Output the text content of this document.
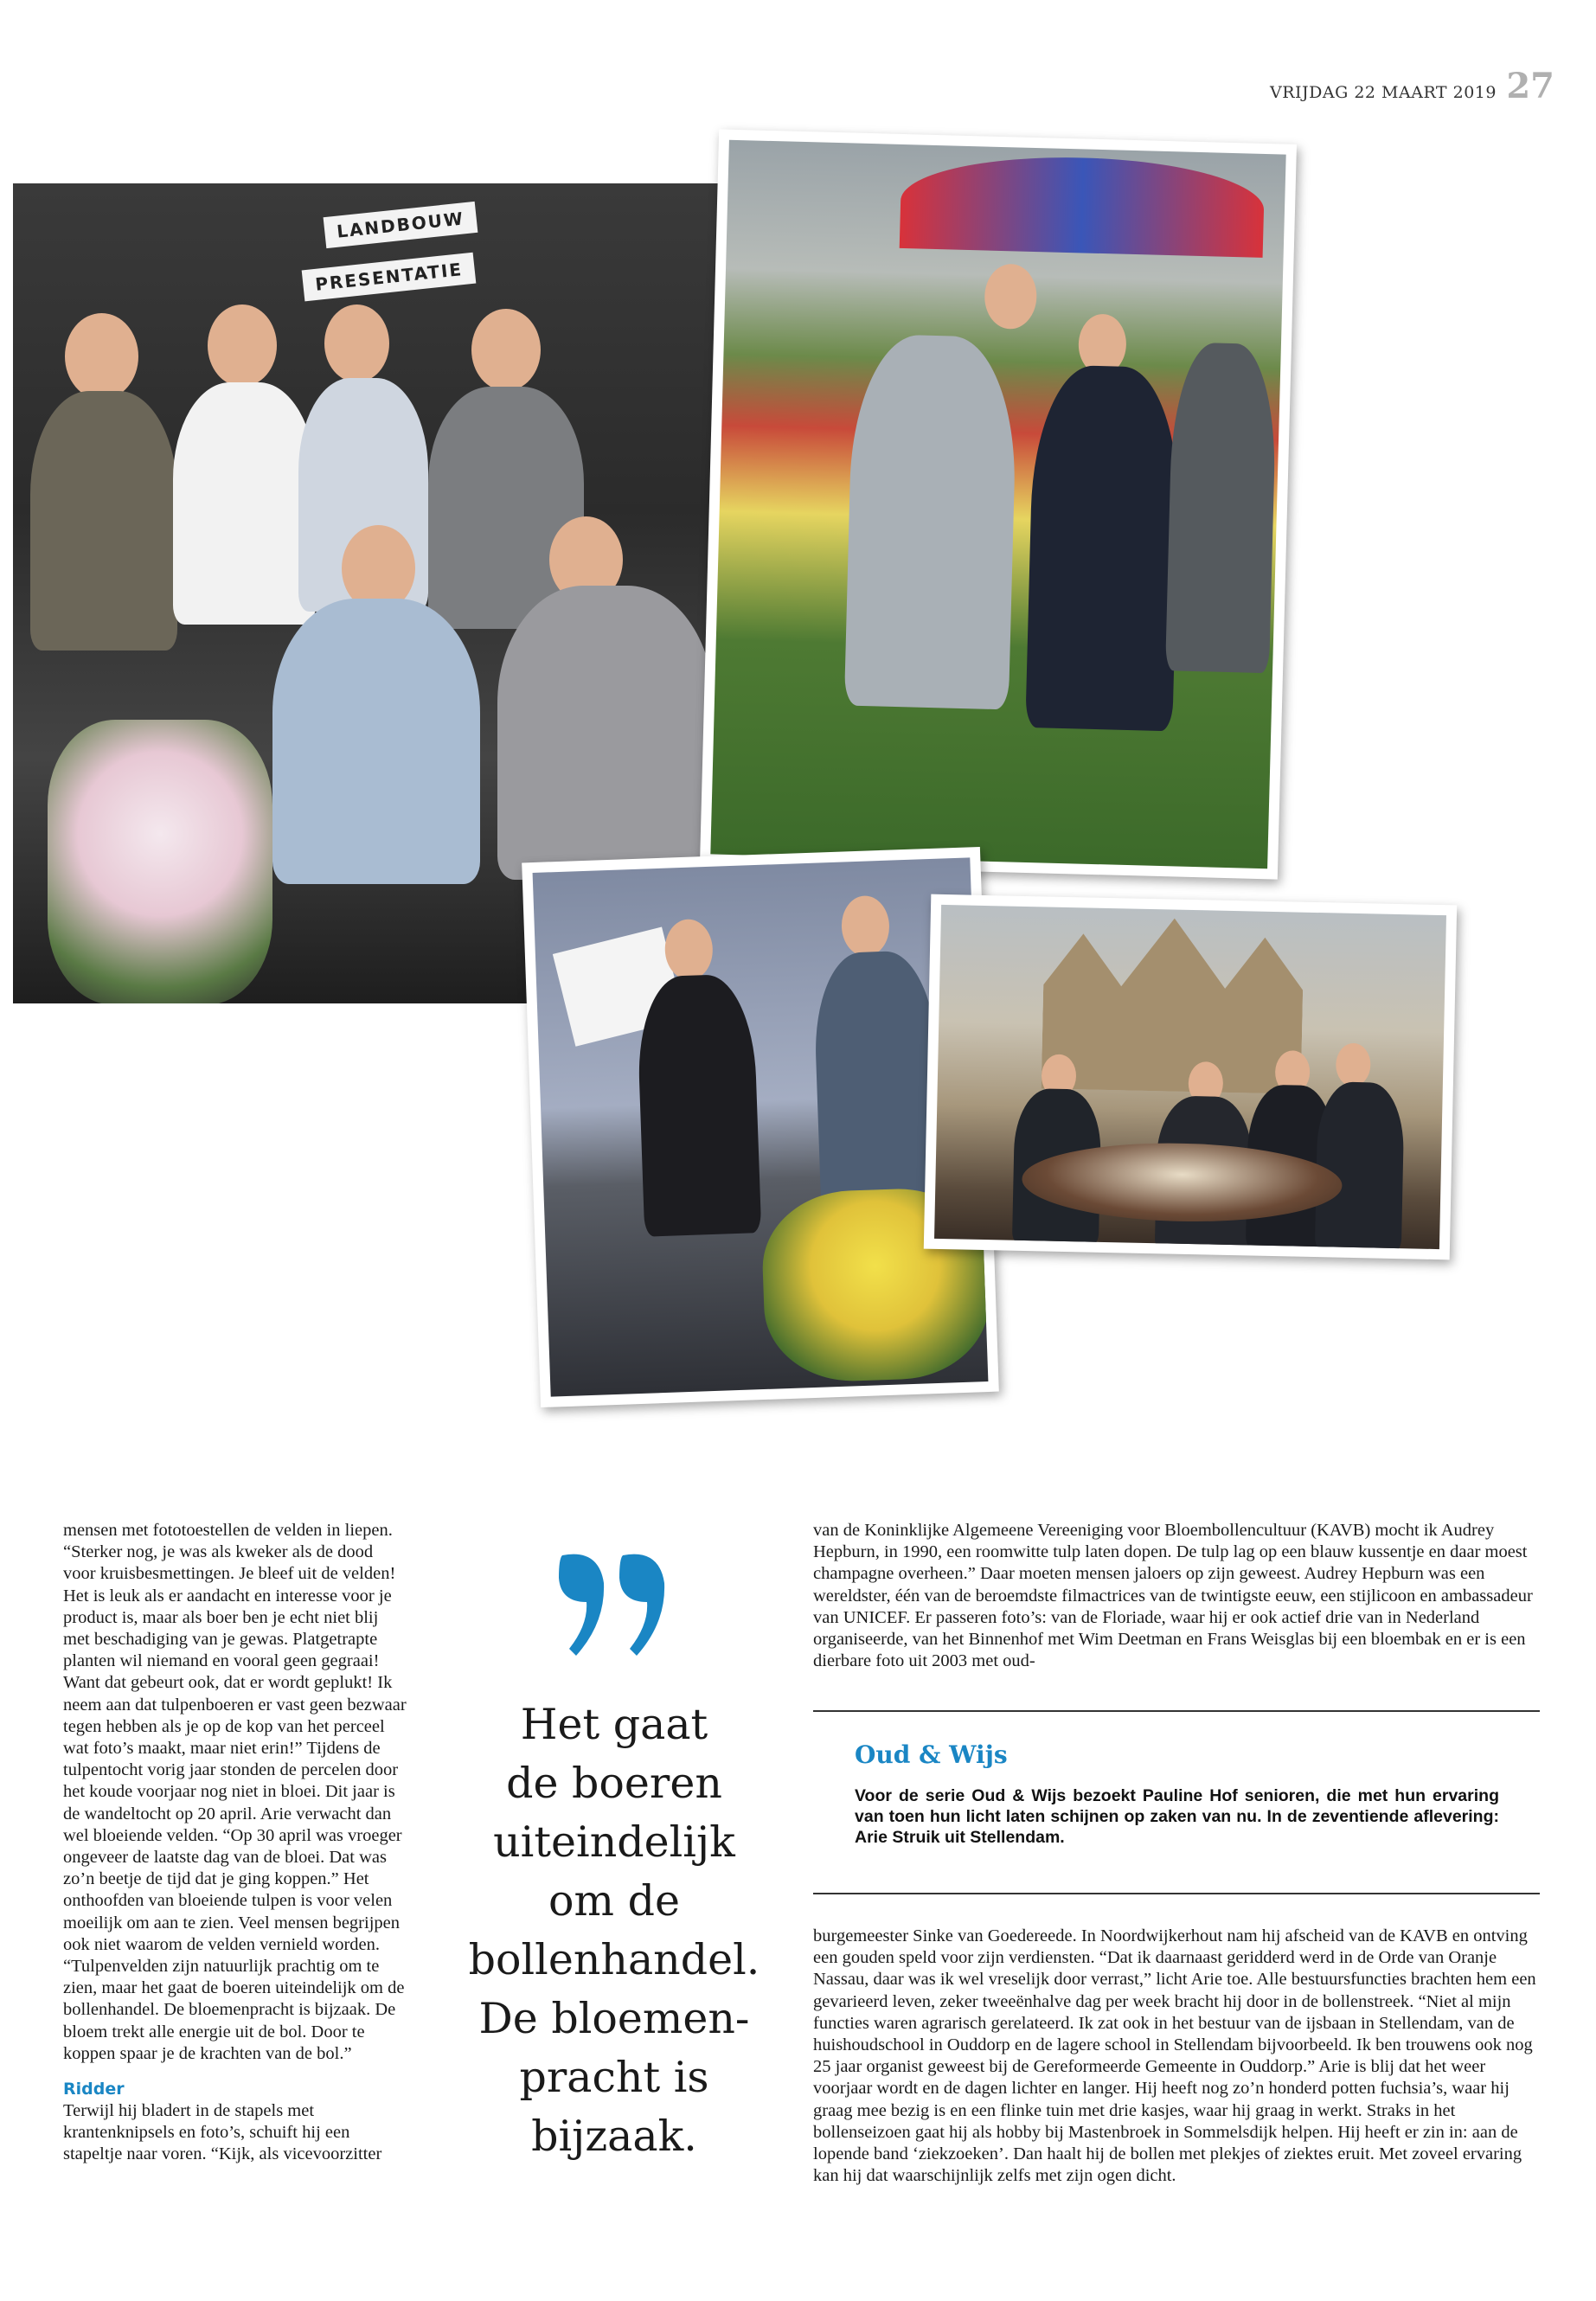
VRIJDAG 22 MAART 2019 27
LANDBOUW
PRESENTATIE

mensen met fototoestellen de velden in liepen. “Sterker nog, je was als kweker als de dood voor kruisbesmettingen. Je bleef uit de velden! Het is leuk als er aandacht en interesse voor je product is, maar als boer ben je echt niet blij met beschadiging van je gewas. Platgetrapte planten wil niemand en vooral geen gegraai! Want dat gebeurt ook, dat er wordt geplukt! Ik neem aan dat tulpenboeren er vast geen bezwaar tegen hebben als je op de kop van het perceel wat foto’s maakt, maar niet erin!” Tijdens de tulpentocht vorig jaar stonden de percelen door het koude voorjaar nog niet in bloei. Dit jaar is de wandeltocht op 20 april. Arie verwacht dan wel bloeiende velden. “Op 30 april was vroeger ongeveer de laatste dag van de bloei. Dat was zo’n beetje de tijd dat je ging koppen.” Het onthoofden van bloeiende tulpen is voor velen moeilijk om aan te zien. Veel mensen begrijpen ook niet waarom de velden vernield worden. “Tulpenvelden zijn natuurlijk prachtig om te zien, maar het gaat de boeren uiteindelijk om de bollenhandel. De bloemenpracht is bijzaak. De bloem trekt alle energie uit de bol. Door te koppen spaar je de krachten van de bol.”

Ridder

Terwijl hij bladert in de stapels met krantenknipsels en foto’s, schuift hij een stapeltje naar voren. “Kijk, als vicevoorzitter

Het gaat
de boeren
uiteindelijk
om de
bollenhandel.
De bloemen-
pracht is
bijzaak.

van de Koninklijke Algemeene Vereeniging voor Bloembollencultuur (KAVB) mocht ik Audrey Hepburn, in 1990, een roomwitte tulp laten dopen. De tulp lag op een blauw kussentje en daar moest champagne overheen.” Daar moeten mensen jaloers op zijn geweest. Audrey Hepburn was een wereldster, één van de beroemdste filmactrices van de twintigste eeuw, een stijlicoon en ambassadeur van UNICEF. Er passeren foto’s: van de Floriade, waar hij er ook actief drie van in Nederland organiseerde, van het Binnenhof met Wim Deetman en Frans Weisglas bij een bloembak en er is een dierbare foto uit 2003 met oud-

Oud & Wijs
Voor de serie Oud & Wijs bezoekt Pauline Hof senioren, die met hun ervaring van toen hun licht laten schijnen op zaken van nu. In de zeventiende aflevering: Arie Struik uit Stellendam.

burgemeester Sinke van Goedereede. In Noordwijkerhout nam hij afscheid van de KAVB en ontving een gouden speld voor zijn verdiensten. “Dat ik daarnaast geridderd werd in de Orde van Oranje Nassau, daar was ik wel vreselijk door verrast,” licht Arie toe. Alle bestuursfuncties brachten hem een gevarieerd leven, zeker tweeënhalve dag per week bracht hij door in de bollenstreek. “Niet al mijn functies waren agrarisch gerelateerd. Ik zat ook in het bestuur van de ijsbaan in Stellendam, van de huishoudschool in Ouddorp en de lagere school in Stellendam bijvoorbeeld. Ik ben trouwens ook nog 25 jaar organist geweest bij de Gereformeerde Gemeente in Ouddorp.” Arie is blij dat het weer voorjaar wordt en de dagen lichter en langer. Hij heeft nog zo’n honderd potten fuchsia’s, waar hij graag mee bezig is en een flinke tuin met drie kasjes, waar hij graag in werkt. Straks in het bollenseizoen gaat hij als hobby bij Mastenbroek in Sommelsdijk helpen. Hij heeft er zin in: aan de lopende band ‘ziekzoeken’. Dan haalt hij de bollen met plekjes of ziektes eruit. Met zoveel ervaring kan hij dat waarschijnlijk zelfs met zijn ogen dicht.
